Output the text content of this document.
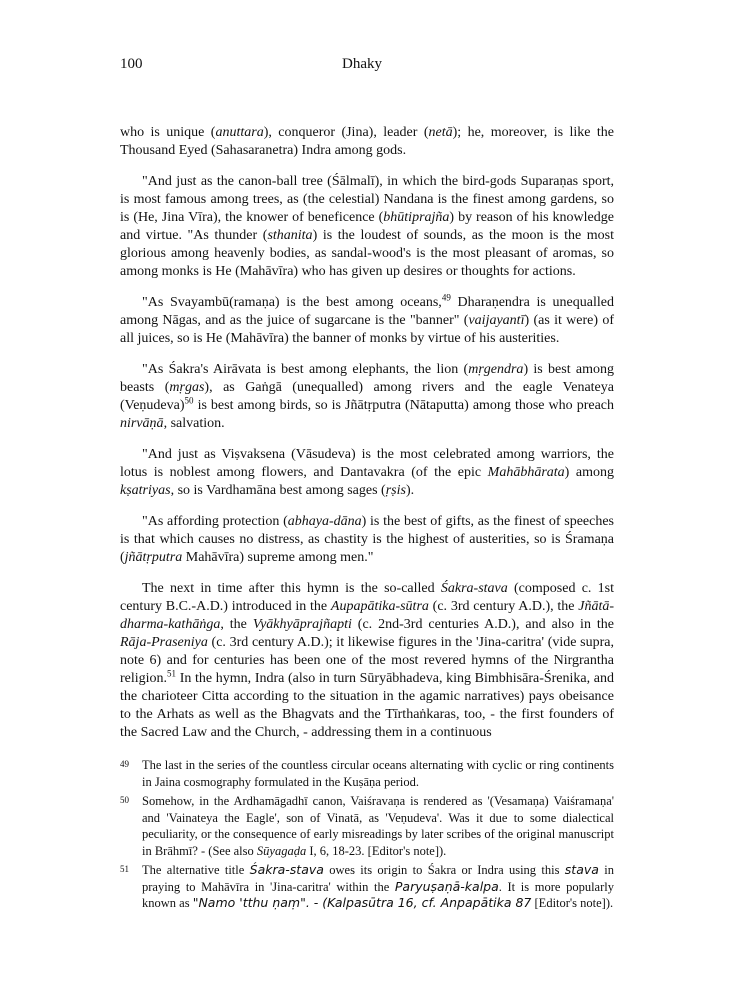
100	Dhaky

who is unique (anuttara), conqueror (Jina), leader (netā); he, moreover, is like the Thousand Eyed (Sahasaranetra) Indra among gods.

"And just as the canon-ball tree (Śālmalī), in which the bird-gods Suparaṇas sport, is most famous among trees, as (the celestial) Nandana is the finest among gardens, so is (He, Jina Vīra), the knower of beneficence (bhūtiprajña) by reason of his knowledge and virtue. "As thunder (sthanita) is the loudest of sounds, as the moon is the most glorious among heavenly bodies, as sandal-wood's is the most pleasant of aromas, so among monks is He (Mahāvīra) who has given up desires or thoughts for actions.

"As Svayambū(ramaṇa) is the best among oceans,$^{49}$ Dharaṇendra is unequalled among Nāgas, and as the juice of sugarcane is the "banner" (vaijayantī) (as it were) of all juices, so is He (Mahāvīra) the banner of monks by virtue of his austerities.

"As Śakra's Airāvata is best among elephants, the lion (mṛgendra) is best among beasts (mṛgas), as Gaṅgā (unequalled) among rivers and the eagle Venateya (Veṇudeva)$^{50}$ is best among birds, so is Jñātṛputra (Nātaputta) among those who preach nirvāṇā, salvation.

"And just as Viṣvaksena (Vāsudeva) is the most celebrated among warriors, the lotus is noblest among flowers, and Dantavakra (of the epic Mahābhārata) among kṣatriyas, so is Vardhamāna best among sages (ṛṣis).

"As affording protection (abhaya-dāna) is the best of gifts, as the finest of speeches is that which causes no distress, as chastity is the highest of austerities, so is Śramaṇa (jñātṛputra Mahāvīra) supreme among men."

The next in time after this hymn is the so-called Śakra-stava (composed c. 1st century B.C.-A.D.) introduced in the Aupapātika-sūtra (c. 3rd century A.D.), the Jñātā-dharma-kathāṅga, the Vyākhyāprajñapti (c. 2nd-3rd centuries A.D.), and also in the Rāja-Praseniya (c. 3rd century A.D.); it likewise figures in the 'Jina-caritra' (vide supra, note 6) and for centuries has been one of the most revered hymns of the Nirgrantha religion.$^{51}$ In the hymn, Indra (also in turn Sūryābhadeva, king Bimbhisāra-Śrenika, and the charioteer Citta according to the situation in the agamic narratives) pays obeisance to the Arhats as well as the Bhagvats and the Tīrthaṅkaras, too, - the first founders of the Sacred Law and the Church, - addressing them in a continuous

49 The last in the series of the countless circular oceans alternating with cyclic or ring continents in Jaina cosmography formulated in the Kuṣāṇa period.
50 Somehow, in the Ardhamāgadhī canon, Vaiśravaṇa is rendered as '(Vesamaṇa) Vaiśramaṇa' and 'Vainateya the Eagle', son of Vinatā, as 'Veṇudeva'. Was it due to some dialectical peculiarity, or the consequence of early misreadings by later scribes of the original manuscript in Brāhmī? - (See also Sūyagaḍa I, 6, 18-23. [Editor's note]).
51 The alternative title Śakra-stava owes its origin to Śakra or Indra using this stava in praying to Mahāvīra in 'Jina-caritra' within the Paryuṣaṇā-kalpa. It is more popularly known as "Namo 'tthu ṇaṃ". - (Kalpasūtra 16, cf. Anpapātika 87 [Editor's note]).
